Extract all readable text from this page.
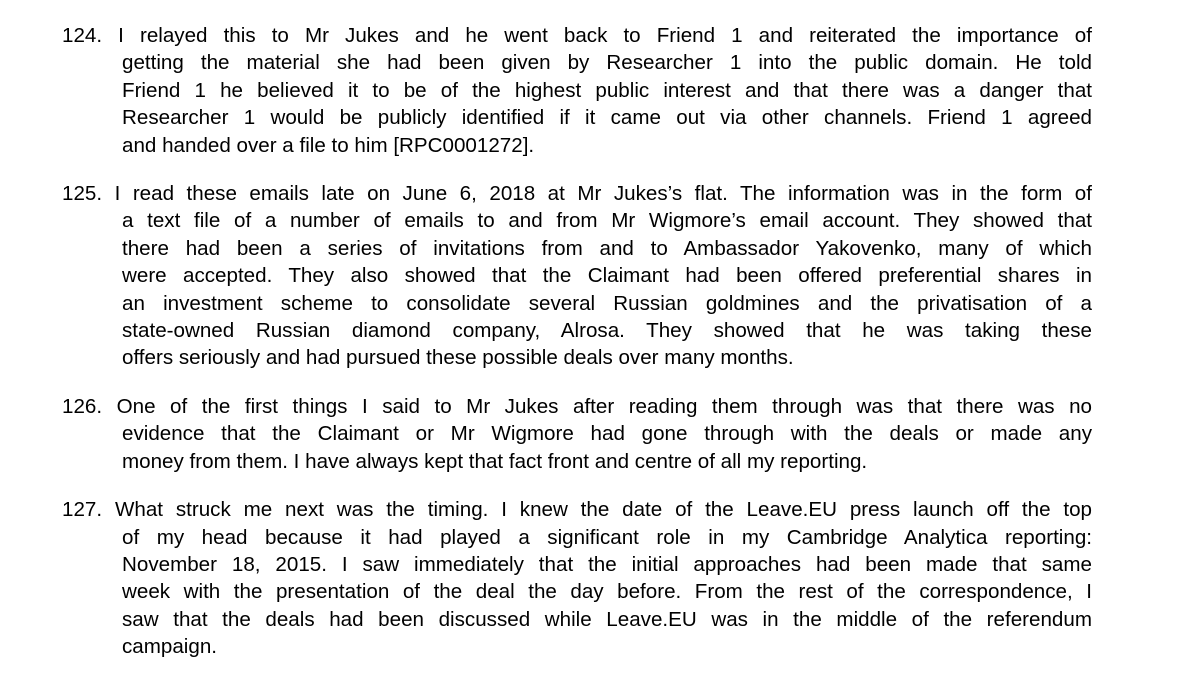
124. I relayed this to Mr Jukes and he went back to Friend 1 and reiterated the importance of
getting the material she had been given by Researcher 1 into the public domain. He told
Friend 1 he believed it to be of the highest public interest and that there was a danger that
Researcher 1 would be publicly identified if it came out via other channels. Friend 1 agreed
and handed over a file to him [RPC0001272].
125. I read these emails late on June 6, 2018 at Mr Jukes’s flat. The information was in the form of
a text file of a number of emails to and from Mr Wigmore’s email account. They showed that
there had been a series of invitations from and to Ambassador Yakovenko, many of which
were accepted. They also showed that the Claimant had been offered preferential shares in
an investment scheme to consolidate several Russian goldmines and the privatisation of a
state-owned Russian diamond company, Alrosa. They showed that he was taking these
offers seriously and had pursued these possible deals over many months.
126. One of the first things I said to Mr Jukes after reading them through was that there was no
evidence that the Claimant or Mr Wigmore had gone through with the deals or made any
money from them. I have always kept that fact front and centre of all my reporting.
127. What struck me next was the timing. I knew the date of the Leave.EU press launch off the top
of my head because it had played a significant role in my Cambridge Analytica reporting:
November 18, 2015. I saw immediately that the initial approaches had been made that same
week with the presentation of the deal the day before. From the rest of the correspondence, I
saw that the deals had been discussed while Leave.EU was in the middle of the referendum
campaign.
